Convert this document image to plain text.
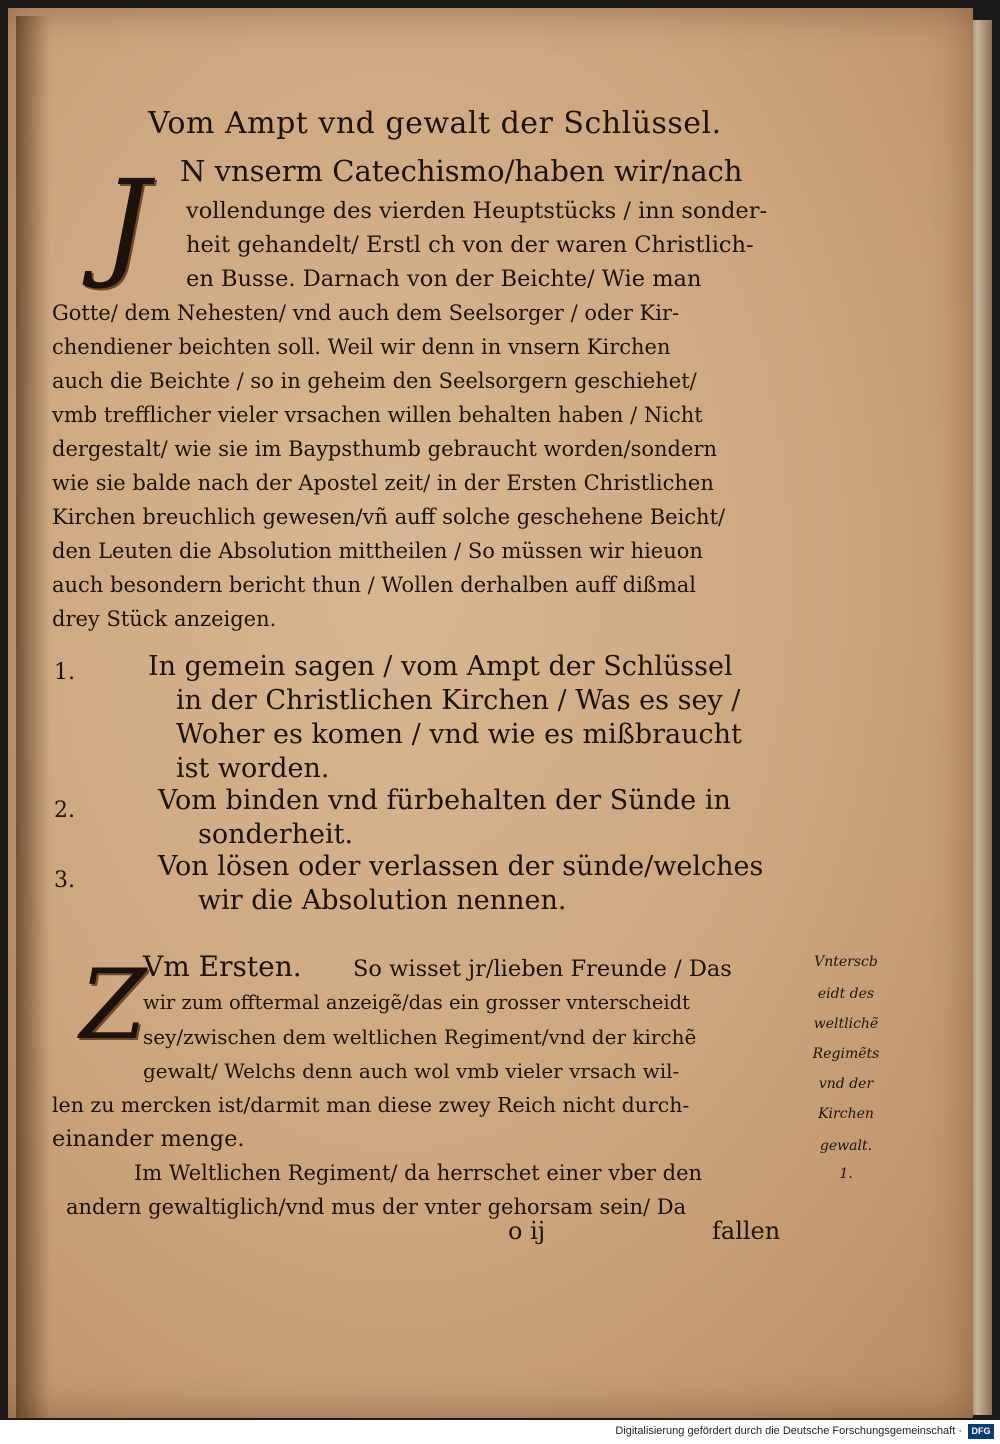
Vom Ampt vnd gewalt der Schlüssel.
J	N vnserm Catechismo/haben wir/nach
vollendunge des vierden Heuptstücks / inn sonder-
heit gehandelt/ Erstl ch von der waren Christlich-
en Busse. Darnach von der Beichte/ Wie man
Gotte/ dem Nehesten/ vnd auch dem Seelsorger / oder Kir-
chendiener beichten soll. Weil wir denn in vnsern Kirchen
auch die Beichte / so in geheim den Seelsorgern geschiehet/
vmb trefflicher vieler vrsachen willen behalten haben / Nicht
dergestalt/ wie sie im Baypsthumb gebraucht worden/sondern
wie sie balde nach der Apostel zeit/ in der Ersten Christlichen
Kirchen breuchlich gewesen/vñ auff solche geschehene Beicht/
den Leuten die Absolution mittheilen / So müssen wir hieuon
auch besondern bericht thun / Wollen derhalben auff dißmal
drey Stück anzeigen.
1.	In gemein sagen / vom Ampt der Schlüssel
in der Christlichen Kirchen / Was es sey /
Woher es komen / vnd wie es mißbraucht
ist worden.
2.	Vom binden vnd fürbehalten der Sünde in
sonderheit.
3.	Von lösen oder verlassen der sünde/welches
wir die Absolution nennen.
Z
Vm Ersten. So wisset jr/lieben Freunde / Das
wir zum offtermal anzeigẽ/das ein grosser vnterscheidt
sey/zwischen dem weltlichen Regiment/vnd der kirchẽ
gewalt/ Welchs denn auch wol vmb vieler vrsach wil-
len zu mercken ist/darmit man diese zwey Reich nicht durch-
einander menge.
Im Weltlichen Regiment/ da herrschet einer vber den
andern gewaltiglich/vnd mus der vnter gehorsam sein/ Da
Vnterscb
eidt des
weltlichẽ
Regimẽts
vnd der
Kirchen
gewalt.
1.
o ij	fallen
Digitalisierung gefördert durch die Deutsche Forschungsgemeinschaft ·	DFG
